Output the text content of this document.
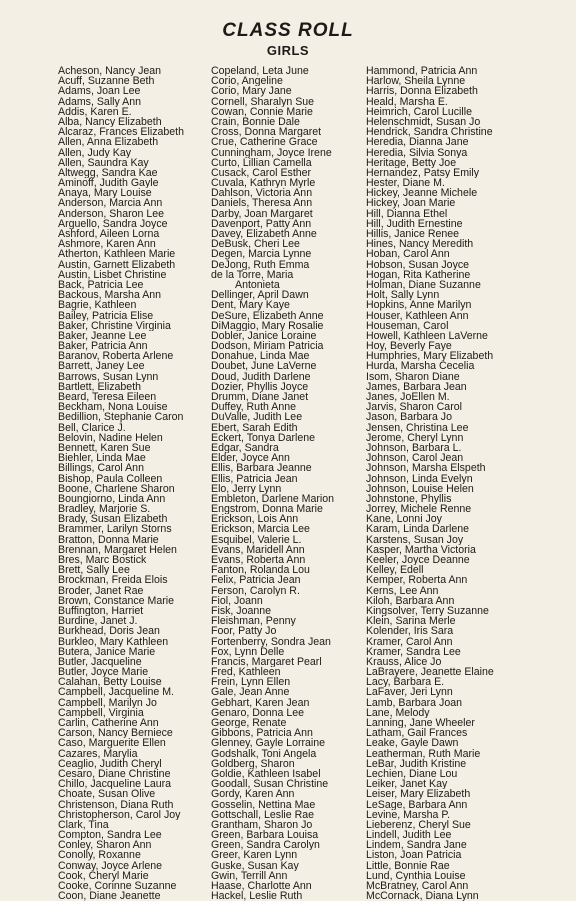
CLASS ROLL
GIRLS
Acheson, Nancy Jean
Acuff, Suzanne Beth
Adams, Joan Lee
Adams, Sally Ann
Addis, Karen E.
Alba, Nancy Elizabeth
Alcaraz, Frances Elizabeth
Allen, Anna Elizabeth
Allen, Judy Kay
Allen, Saundra Kay
Altwegg, Sandra Kae
Aminoff, Judith Gayle
Anaya, Mary Louise
Anderson, Marcia Ann
Anderson, Sharon Lee
Arguello, Sandra Joyce
Ashford, Aileen Lorna
Ashmore, Karen Ann
Atherton, Kathleen Marie
Austin, Garnett Elizabeth
Austin, Lisbet Christine
Back, Patricia Lee
Backous, Marsha Ann
Bagrie, Kathleen
Bailey, Patricia Elise
Baker, Christine Virginia
Baker, Jeanne Lee
Baker, Patricia Ann
Baranov, Roberta Arlene
Barrett, Janey Lee
Barrows, Susan Lynn
Bartlett, Elizabeth
Beard, Teresa Eileen
Beckham, Nona Louise
Bedillion, Stephanie Caron
Bell, Clarice J.
Belovin, Nadine Helen
Bennett, Karen Sue
Biehler, Linda Mae
Billings, Carol Ann
Bishop, Paula Colleen
Boone, Charlene Sharon
Boungiorno, Linda Ann
Bradley, Marjorie S.
Brady, Susan Elizabeth
Brammer, Larilyn Storns
Bratton, Donna Marie
Brennan, Margaret Helen
Bres, Marc Bostick
Brett, Sally Lee
Brockman, Freida Elois
Broder, Janet Rae
Brown, Constance Marie
Buffington, Harriet
Burdine, Janet J.
Burkhead, Doris Jean
Burkleo, Mary Kathleen
Butera, Janice Marie
Butler, Jacqueline
Butler, Joyce Marie
Calahan, Betty Louise
Campbell, Jacqueline M.
Campbell, Marilyn Jo
Campbell, Virginia
Carlin, Catherine Ann
Carson, Nancy Berniece
Caso, Marguerite Ellen
Cazares, Marylia
Ceaglio, Judith Cheryl
Cesaro, Diane Christine
Chillo, Jacqueline Laura
Choate, Susan Olive
Christenson, Diana Ruth
Christopherson, Carol Joy
Clark, Tina
Compton, Sandra Lee
Conley, Sharon Ann
Conolly, Roxanne
Conway, Joyce Arlene
Cook, Cheryl Marie
Cooke, Corinne Suzanne
Coon, Diane Jeanette
Copeland, Leta June
Corio, Angeline
Corio, Mary Jane
Cornell, Sharalyn Sue
Cowan, Connie Marie
Crain, Bonnie Dale
Cross, Donna Margaret
Crue, Catherine Grace
Cunningham, Joyce Irene
Curto, Lillian Camella
Cusack, Carol Esther
Cuvala, Kathryn Myrle
Dahlson, Victoria Ann
Daniels, Theresa Ann
Darby, Joan Margaret
Davenport, Patty Ann
Davey, Elizabeth Anne
DeBusk, Cheri Lee
Degen, Marcia Lynne
DeJong, Ruth Emma
de la Torre, Maria
Antonieta
Dellinger, April Dawn
Dent, Mary Kaye
DeSure, Elizabeth Anne
DiMaggio, Mary Rosalie
Dobler, Janice Loraine
Dodson, Miriam Patricia
Donahue, Linda Mae
Doubet, June LaVerne
Doud, Judith Darlene
Dozier, Phyllis Joyce
Drumm, Diane Janet
Duffey, Ruth Anne
DuValle, Judith Lee
Ebert, Sarah Edith
Eckert, Tonya Darlene
Edgar, Sandra
Elder, Joyce Ann
Ellis, Barbara Jeanne
Ellis, Patricia Jean
Elo, Jerry Lynn
Embleton, Darlene Marion
Engstrom, Donna Marie
Erickson, Lois Ann
Erickson, Marcia Lee
Esquibel, Valerie L.
Evans, Maridell Ann
Evans, Roberta Ann
Fanton, Rolanda Lou
Felix, Patricia Jean
Ferson, Carolyn R.
Fiol, Joann
Fisk, Joanne
Fleishman, Penny
Foor, Patty Jo
Fortenberry, Sondra Jean
Fox, Lynn Delle
Francis, Margaret Pearl
Fred, Kathleen
Frein, Lynn Ellen
Gale, Jean Anne
Gebhart, Karen Jean
Genaro, Donna Lee
George, Renate
Gibbons, Patricia Ann
Glenney, Gayle Lorraine
Godshalk, Toni Angela
Goldberg, Sharon
Goldie, Kathleen Isabel
Goodall, Susan Christine
Gordy, Karen Ann
Gosselin, Nettina Mae
Gottschall, Leslie Rae
Grantham, Sharon Jo
Green, Barbara Louisa
Green, Sandra Carolyn
Greer, Karen Lynn
Guske, Susan Kay
Gwin, Terrill Ann
Haase, Charlotte Ann
Hackel, Leslie Ruth
Hammond, Patricia Ann
Harlow, Sheila Lynne
Harris, Donna Elizabeth
Heald, Marsha E.
Heimrich, Carol Lucille
Helenschmidt, Susan Jo
Hendrick, Sandra Christine
Heredia, Dianna Jane
Heredia, Silvia Sonya
Heritage, Betty Joe
Hernandez, Patsy Emily
Hester, Diane M.
Hickey, Jeanne Michele
Hickey, Joan Marie
Hill, Dianna Ethel
Hill, Judith Ernestine
Hillis, Janice Renee
Hines, Nancy Meredith
Hoban, Carol Ann
Hobson, Susan Joyce
Hogan, Rita Katherine
Holman, Diane Suzanne
Holt, Sally Lynn
Hopkins, Anne Marilyn
Houser, Kathleen Ann
Houseman, Carol
Howell, Kathleen LaVerne
Hoy, Beverly Faye
Humphries, Mary Elizabeth
Hurda, Marsha Cecelia
Isom, Sharon Diane
James, Barbara Jean
Janes, JoEllen M.
Jarvis, Sharon Carol
Jason, Barbara Jo
Jensen, Christina Lee
Jerome, Cheryl Lynn
Johnson, Barbara L.
Johnson, Carol Jean
Johnson, Marsha Elspeth
Johnson, Linda Evelyn
Johnson, Louise Helen
Johnstone, Phyllis
Jorrey, Michele Renne
Kane, Lonni Joy
Karam, Linda Darlene
Karstens, Susan Joy
Kasper, Martha Victoria
Keeler, Joyce Deanne
Kelley, Edell
Kemper, Roberta Ann
Kerns, Lee Ann
Kiloh, Barbara Ann
Kingsolver, Terry Suzanne
Klein, Sarina Merle
Kolender, Iris Sara
Kramer, Carol Ann
Kramer, Sandra Lee
Krauss, Alice Jo
LaBrayere, Jeanette Elaine
Lacy, Barbara E.
LaFaver, Jeri Lynn
Lamb, Barbara Joan
Lane, Melody
Lanning, Jane Wheeler
Latham, Gail Frances
Leake, Gayle Dawn
Leatherman, Ruth Marie
LeBar, Judith Kristine
Lechien, Diane Lou
Leiker, Janet Kay
Leiser, Mary Elizabeth
LeSage, Barbara Ann
Levine, Marsha P.
Lieberenz, Cheryl Sue
Lindell, Judith Lee
Lindem, Sandra Jane
Liston, Joan Patricia
Little, Bonnie Rae
Lund, Cynthia Louise
McBratney, Carol Ann
McCornack, Diana Lynn
